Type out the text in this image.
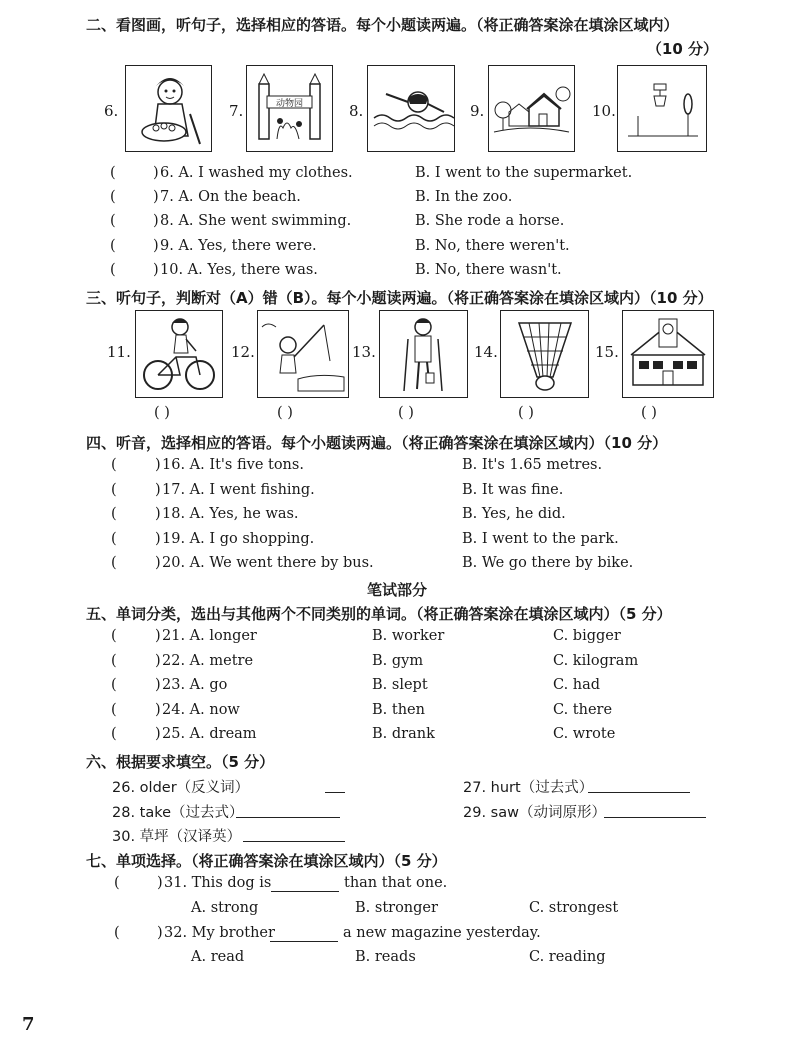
二、看图画，听句子，选择相应的答语。每个小题读两遍。（将正确答案涂在填涂区域内）
（10 分）
6.	7.	动物园	8.	9.	10.
(	) 6. A. I washed my clothes.	B. I went to the supermarket.
(	) 7. A. On the beach.	B. In the zoo.
(	) 8. A. She went swimming.	B. She rode a horse.
(	) 9. A. Yes, there were.	B. No, there weren't.
(	) 10. A. Yes, there was.	B. No, there wasn't.
三、听句子，判断对（A）错（B）。每个小题读两遍。（将正确答案涂在填涂区域内）（10 分）
11.	12.	13.	14.	15.
( )	( )	( )	( )	( )
四、听音，选择相应的答语。每个小题读两遍。（将正确答案涂在填涂区域内）（10 分）
(	) 16. A. It's five tons.	B. It's 1.65 metres.
(	) 17. A. I went fishing.	B. It was fine.
(	) 18. A. Yes, he was.	B. Yes, he did.
(	) 19. A. I go shopping.	B. I went to the park.
(	) 20. A. We went there by bus.	B. We go there by bike.
笔试部分
五、单词分类，选出与其他两个不同类别的单词。（将正确答案涂在填涂区域内）（5 分）
(	) 21. A. longer	B. worker	C. bigger
(	) 22. A. metre	B. gym	C. kilogram
(	) 23. A. go	B. slept	C. had
(	) 24. A. now	B. then	C. there
(	) 25. A. dream	B. drank	C. wrote
六、根据要求填空。（5 分）
26. older（反义词）	27. hurt（过去式）
28. take（过去式）	29. saw（动词原形）
30. 草坪（汉译英）
七、单项选择。（将正确答案涂在填涂区域内）（5 分）
(	) 31. This dog is	than that one.
A. strong	B. stronger	C. strongest
(	) 32. My brother	a new magazine yesterday.
A. read	B. reads	C. reading
7
